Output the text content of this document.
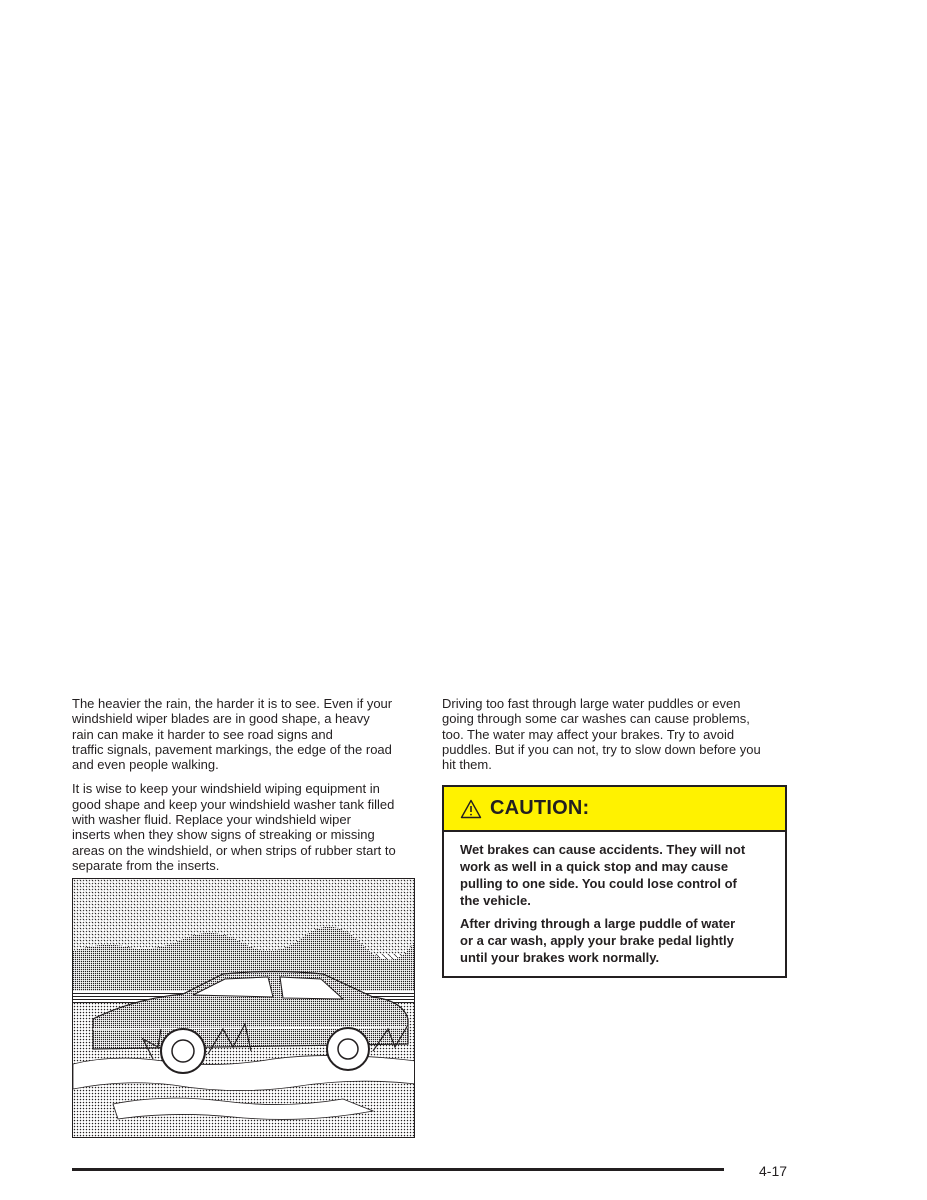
The heavier the rain, the harder it is to see. Even if your
windshield wiper blades are in good shape, a heavy
rain can make it harder to see road signs and
traffic signals, pavement markings, the edge of the road
and even people walking.

It is wise to keep your windshield wiping equipment in
good shape and keep your windshield washer tank filled
with washer fluid. Replace your windshield wiper
inserts when they show signs of streaking or missing
areas on the windshield, or when strips of rubber start to
separate from the inserts.

Driving too fast through large water puddles or even
going through some car washes can cause problems,
too. The water may affect your brakes. Try to avoid
puddles. But if you can not, try to slow down before you
hit them.

CAUTION:

Wet brakes can cause accidents. They will not
work as well in a quick stop and may cause
pulling to one side. You could lose control of
the vehicle.

After driving through a large puddle of water
or a car wash, apply your brake pedal lightly
until your brakes work normally.

4-17
